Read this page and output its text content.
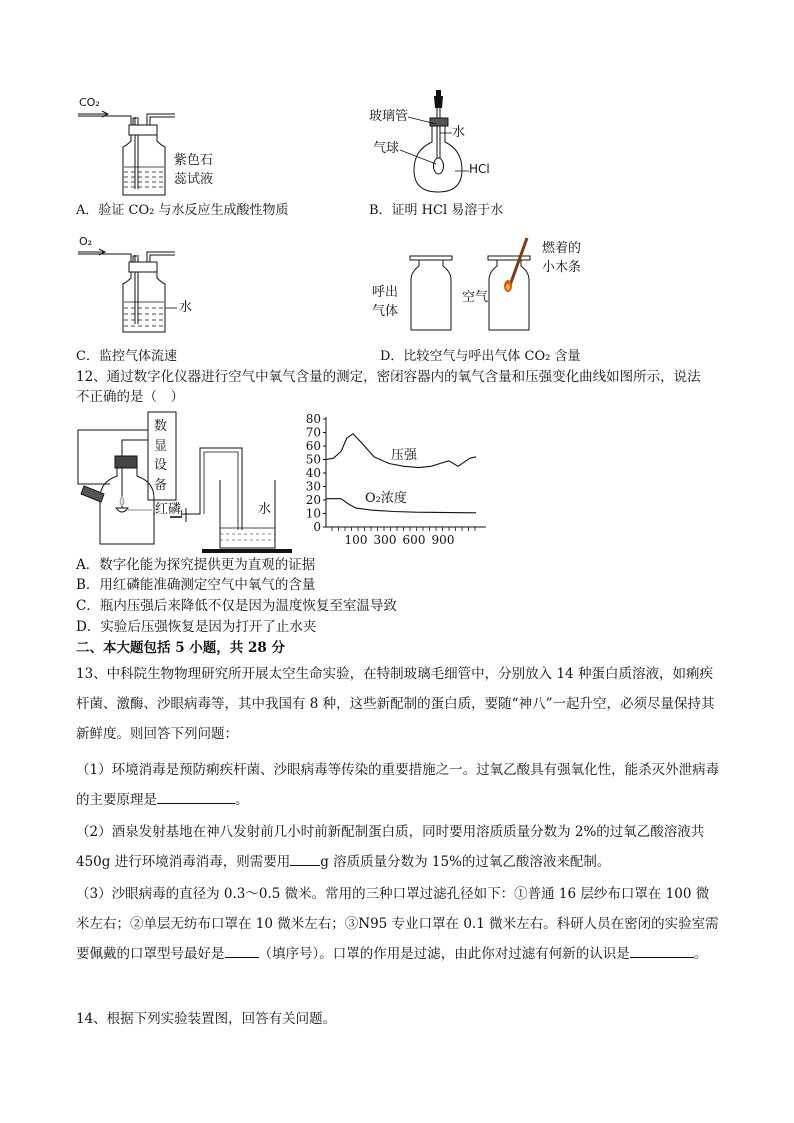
CO₂
紫色石
蕊试液
A．验证 CO₂ 与水反应生成酸性物质
玻璃管
水
气球
HCl
B．证明 HCl 易溶于水
O₂
水
C．监控气体流速
燃着的
小木条
呼出
气体
空气
D．比较空气与呼出气体 CO₂ 含量
12、通过数字化仪器进行空气中氧气含量的测定，密闭容器内的氧气含量和压强变化曲线如图所示，说法
不正确的是（　）
数
显
设
备
红磷	水
0
10
20
30
40
50
60
70
80
100 300 600 900
压强
O₂浓度
A．数字化能为探究提供更为直观的证据
B．用红磷能准确测定空气中氧气的含量
C．瓶内压强后来降低不仅是因为温度恢复至室温导致
D．实验后压强恢复是因为打开了止水夹
二、本大题包括 5 小题，共 28 分
13、中科院生物物理研究所开展太空生命实验，在特制玻璃毛细管中，分别放入 14 种蛋白质溶液，如痢疾杆菌、激酶、沙眼病毒等，其中我国有 8 种，这些新配制的蛋白质，要随“神八”一起升空，必须尽量保持其新鲜度。则回答下列问题：
（1）环境消毒是预防痢疾杆菌、沙眼病毒等传染的重要措施之一。过氧乙酸具有强氧化性，能杀灭外泄病毒的主要原理是	。
（2）酒泉发射基地在神八发射前几小时前新配制蛋白质，同时要用溶质质量分数为 2%的过氧乙酸溶液共 450g 进行环境消毒消毒，则需要用 g 溶质质量分数为 15%的过氧乙酸溶液来配制。
（3）沙眼病毒的直径为 0.3～0.5 微米。常用的三种口罩过滤孔径如下：①普通 16 层纱布口罩在 100 微米左右；②单层无纺布口罩在 10 微米左右；③N95 专业口罩在 0.1 微米左右。科研人员在密闭的实验室需要佩戴的口罩型号最好是	（填序号）。口罩的作用是过滤，由此你对过滤有何新的认识是	。
14、根据下列实验装置图，回答有关问题。
